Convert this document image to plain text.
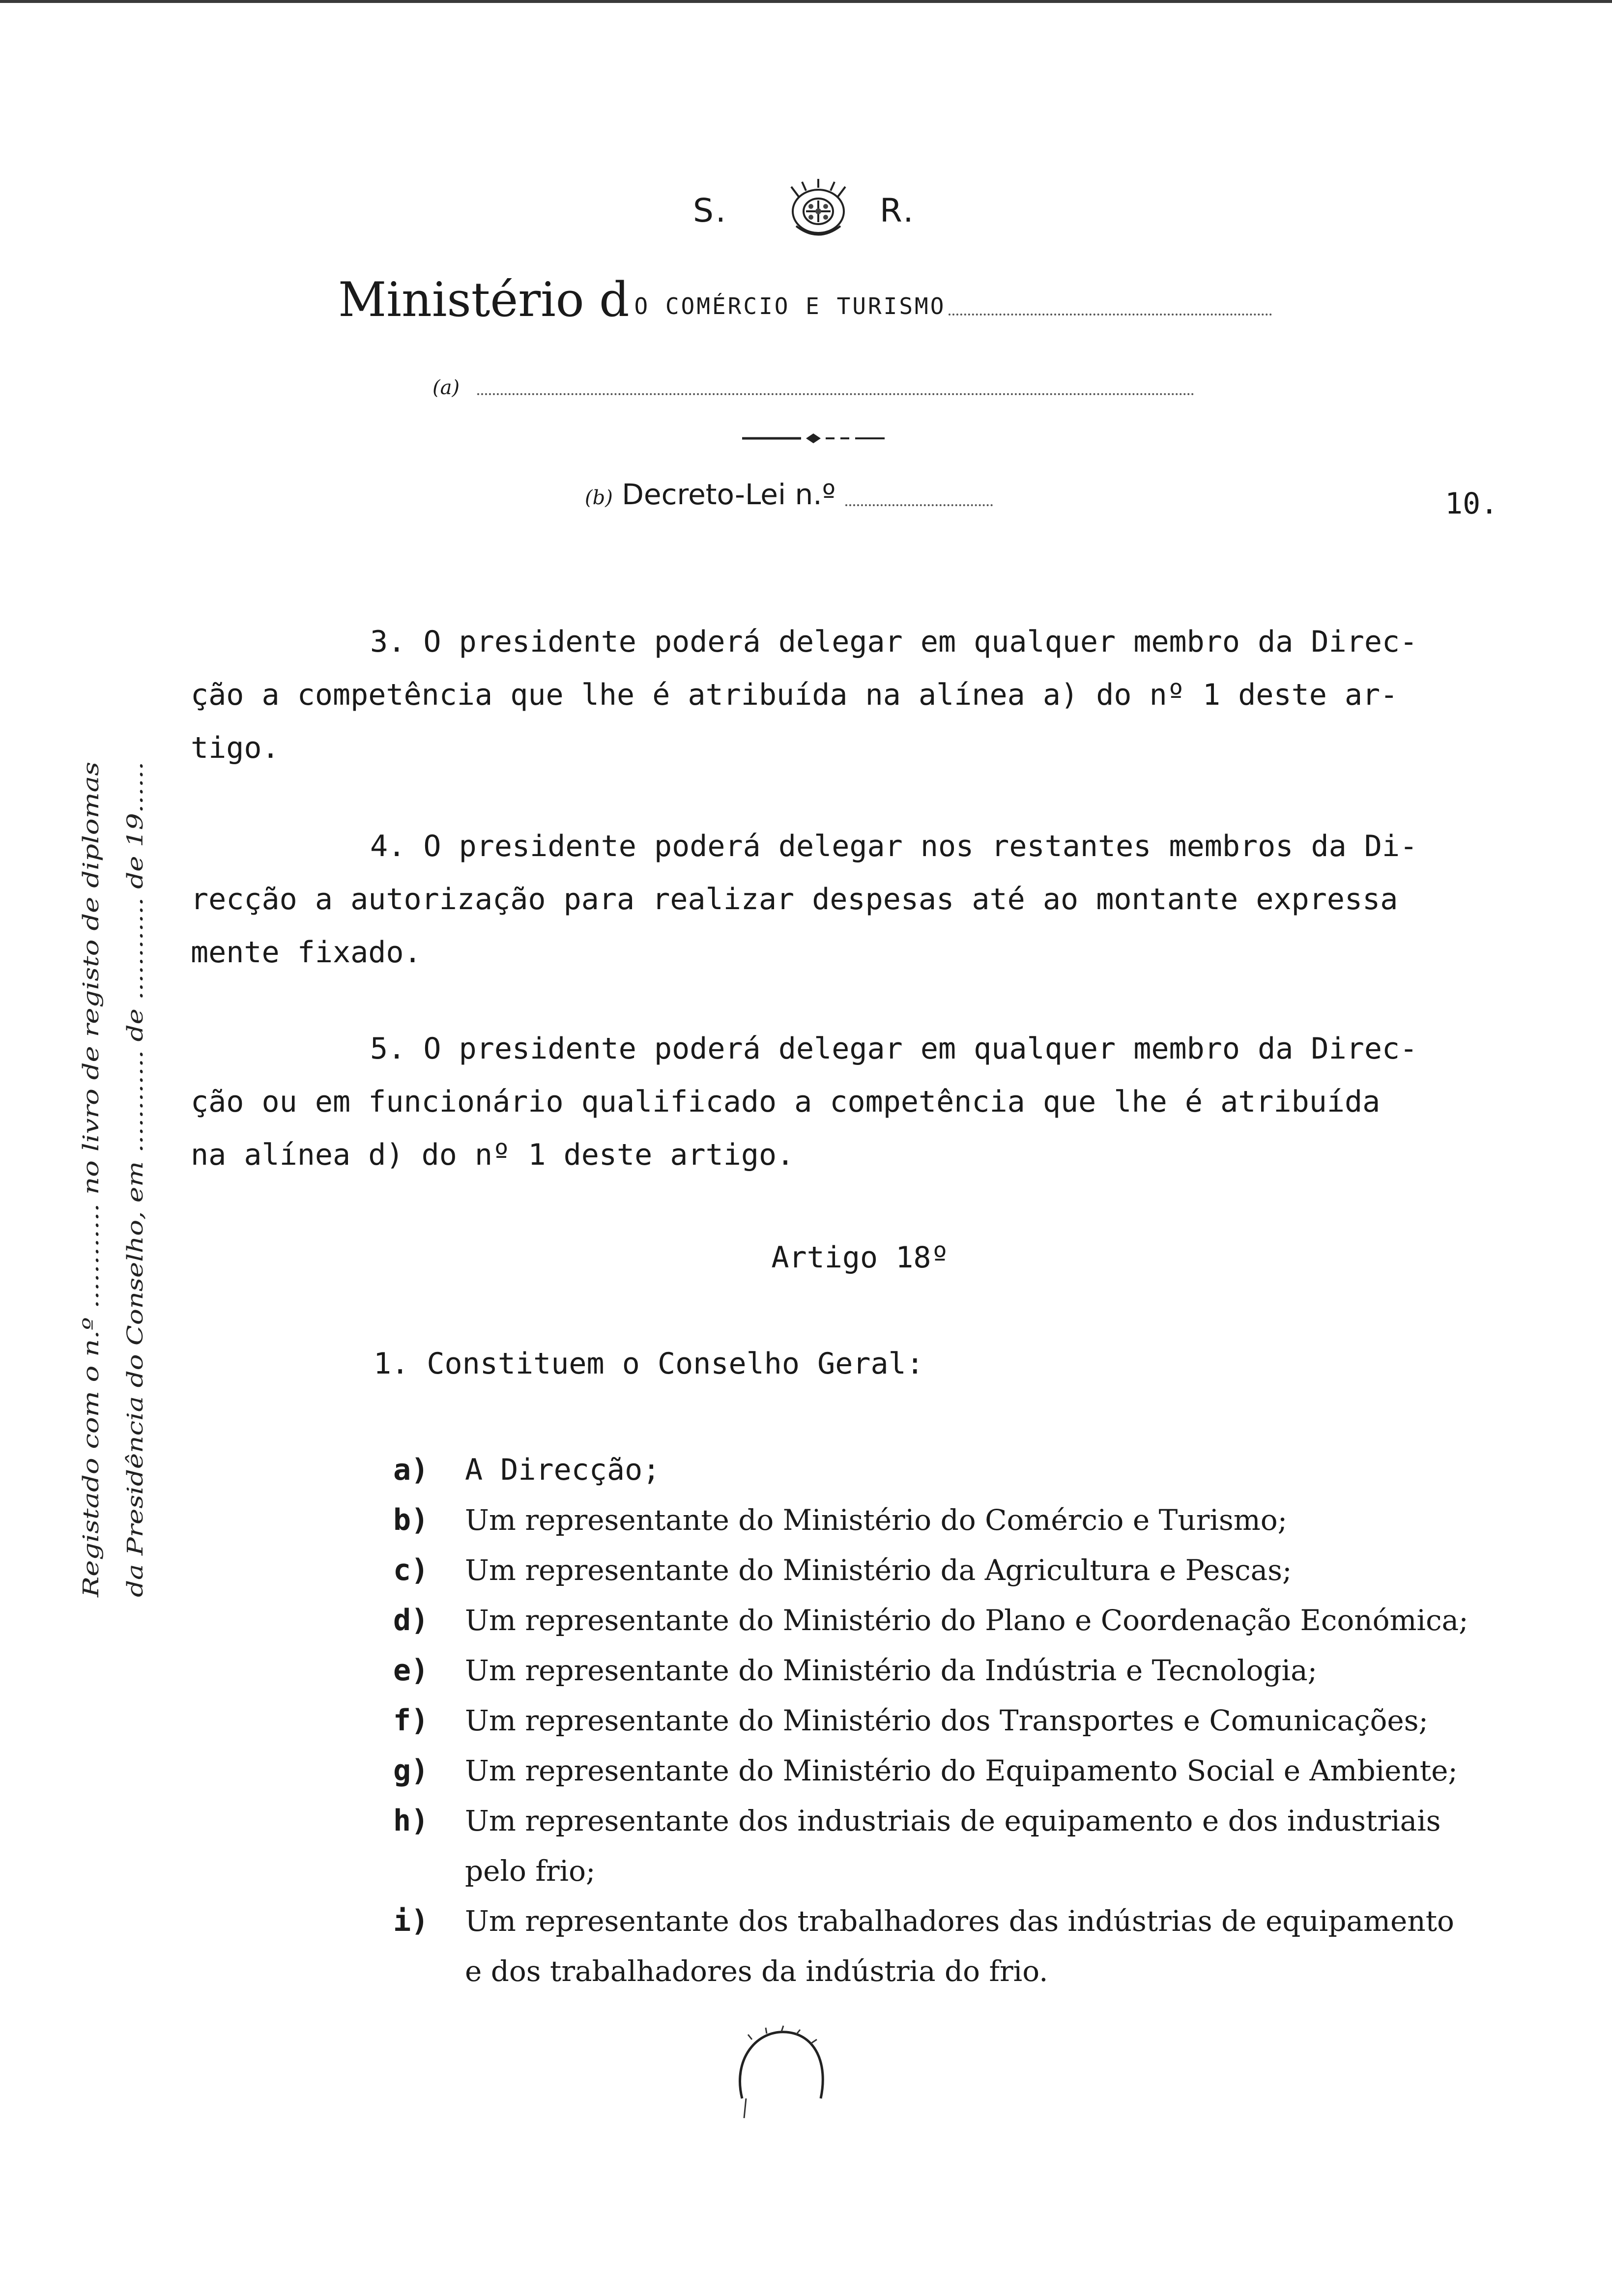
S.	R.
Ministério d O COMÉRCIO E TURISMO
(a)
(b) Decreto-Lei n.º	10.
Registado com o n.º ............ no livro de registo de diplomas da Presidência do Conselho, em ............ de ............ de 19......
3. O presidente poderá delegar em qualquer membro da Direc-
ção a competência que lhe é atribuída na alínea a) do nº 1 deste ar-
tigo.
4. O presidente poderá delegar nos restantes membros da Di-
recção a autorização para realizar despesas até ao montante expressa
mente fixado.
5. O presidente poderá delegar em qualquer membro da Direc-
ção ou em funcionário qualificado a competência que lhe é atribuída
na alínea d) do nº 1 deste artigo.
Artigo 18º
1. Constituem o Conselho Geral:
a)	A Direcção;
b)	Um representante do Ministério do Comércio e Turismo;
c)	Um representante do Ministério da Agricultura e Pescas;
d)	Um representante do Ministério do Plano e Coordenação Económica;
e)	Um representante do Ministério da Indústria e Tecnologia;
f)	Um representante do Ministério dos Transportes e Comunicações;
g)	Um representante do Ministério do Equipamento Social e Ambiente;
h)	Um representante dos industriais de equipamento e dos industriais
pelo frio;
i)	Um representante dos trabalhadores das indústrias de equipamento
e dos trabalhadores da indústria do frio.
